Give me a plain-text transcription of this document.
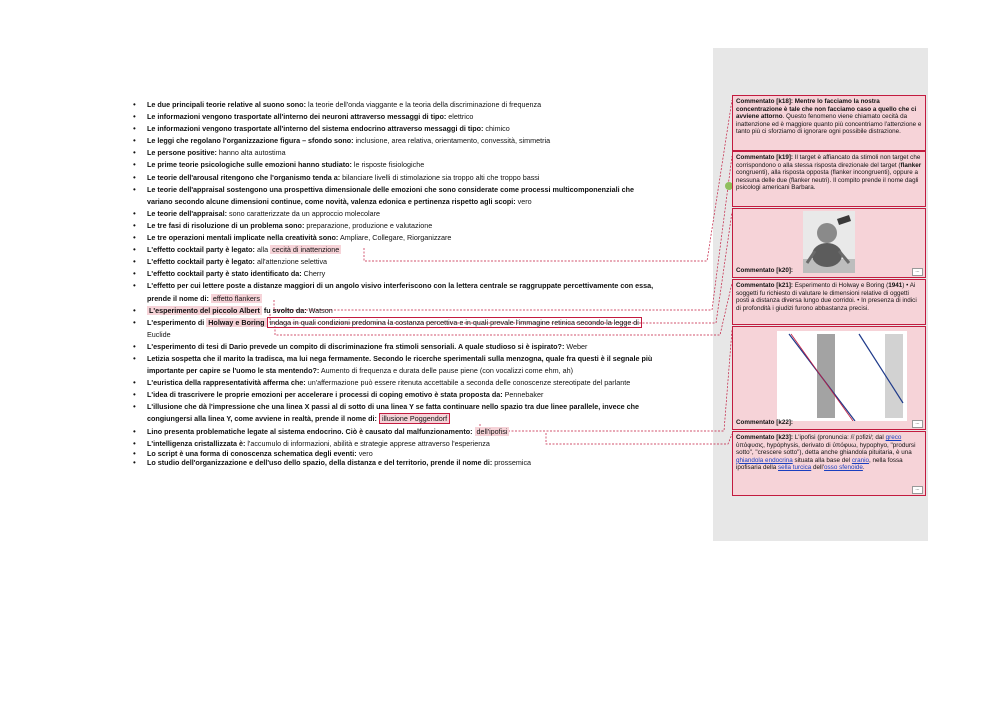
• Le due principali teorie relative al suono sono: la teorie dell'onda viaggante e la teoria della discriminazione di frequenza
• Le informazioni vengono trasportate all'interno dei neuroni attraverso messaggi di tipo: elettrico
• Le informazioni vengono trasportate all'interno del sistema endocrino attraverso messaggi di tipo: chimico
• Le leggi che regolano l'organizzazione figura – sfondo sono: inclusione, area relativa, orientamento, convessità, simmetria
• Le persone positive: hanno alta autostima
• Le prime teorie psicologiche sulle emozioni hanno studiato: le risposte fisiologiche
• Le teorie dell'arousal ritengono che l'organismo tenda a: bilanciare livelli di stimolazione sia troppo alti che troppo bassi
• Le teorie dell'appraisal sostengono una prospettiva dimensionale delle emozioni che sono considerate come processi multicomponenziali che
variano secondo alcune dimensioni continue, come novità, valenza edonica e pertinenza rispetto agli scopi: vero
• Le teorie dell'appraisal: sono caratterizzate da un approccio molecolare
• Le tre fasi di risoluzione di un problema sono: preparazione, produzione e valutazione
• Le tre operazioni mentali implicate nella creatività sono: Ampliare, Collegare, Riorganizzare
• L'effetto cocktail party è legato: alla cecità di inattenzione
• L'effetto cocktail party è legato: all'attenzione selettiva
• L'effetto cocktail party è stato identificato da: Cherry
• L'effetto per cui lettere poste a distanze maggiori di un angolo visivo interferiscono con la lettera centrale se raggruppate percettivamente con essa,
prende il nome di: effetto flankers
• L'esperimento del piccolo Albert fu svolto da: Watson
• L'esperimento di Holway e Boring indaga in quali condizioni predomina la costanza percettiva e in quali prevale l'immagine retinica secondo la legge di
Euclide
• L'esperimento di tesi di Dario prevede un compito di discriminazione fra stimoli sensoriali. A quale studioso si è ispirato?: Weber
• Letizia sospetta che il marito la tradisca, ma lui nega fermamente. Secondo le ricerche sperimentali sulla menzogna, quale fra questi è il segnale più
importante per capire se l'uomo le sta mentendo?: Aumento di frequenza e durata delle pause piene (con vocalizzi come ehm, ah)
• L'euristica della rappresentatività afferma che: un'affermazione può essere ritenuta accettabile a seconda delle conoscenze stereotipate del parlante
• L'idea di trascrivere le proprie emozioni per accelerare i processi di coping emotivo è stata proposta da: Pennebaker
• L'illusione che dà l'impressione che una linea X passi al di sotto di una linea Y se fatta continuare nello spazio tra due linee parallele, invece che
congiungersi alla linea Y, come avviene in realtà, prende il nome di: illusione Poggendorf
• Lino presenta problematiche legate al sistema endocrino. Ciò è causato dal malfunzionamento: dell'ipofisi
• L'intelligenza cristallizzata è: l'accumulo di informazioni, abilità e strategie apprese attraverso l'esperienza
• Lo script è una forma di conoscenza schematica degli eventi: vero
• Lo studio dell'organizzazione e dell'uso dello spazio, della distanza e del territorio, prende il nome di: prossemica
Commentato [k18]: Mentre lo facciamo la nostra concentrazione è tale che non facciamo caso a quello che ci avviene attorno. Questo fenomeno viene chiamato cecità da inattenzione ed è maggiore quanto più concentriamo l'attenzione e tanto più ci sforziamo di ignorare ogni possibile distrazione.
Commentato [k19]: Il target è affiancato da stimoli non target che corrispondono o alla stessa risposta direzionale del target (flanker congruenti), alla risposta opposta (flanker incongruenti), oppure a nessuna delle due (flanker neutri). Il compito prende il nome dagli psicologi americani Barbara.
Commentato [k20]:	...
Commentato [k21]: Esperimento di Holway e Boring (1941) • Ai soggetti fu richiesto di valutare le dimensioni relative di oggetti posti a distanza diversa lungo due corridoi. • In presenza di indici di profondità i giudizi furono abbastanza precisi.
Commentato [k22]:	...
Commentato [k23]: L'ipofisi (pronuncia: /iˈpɔfizi/; dal greco ὑπόφυσις, hypóphysis, derivato di ὑπόφυω, hypophyo, "prodursi sotto", "crescere sotto"), detta anche ghiandola pituitaria, è una ghiandola endocrina situata alla base del cranio, nella fossa ipofisaria della sella turcica dell'osso sfenoide.
...
